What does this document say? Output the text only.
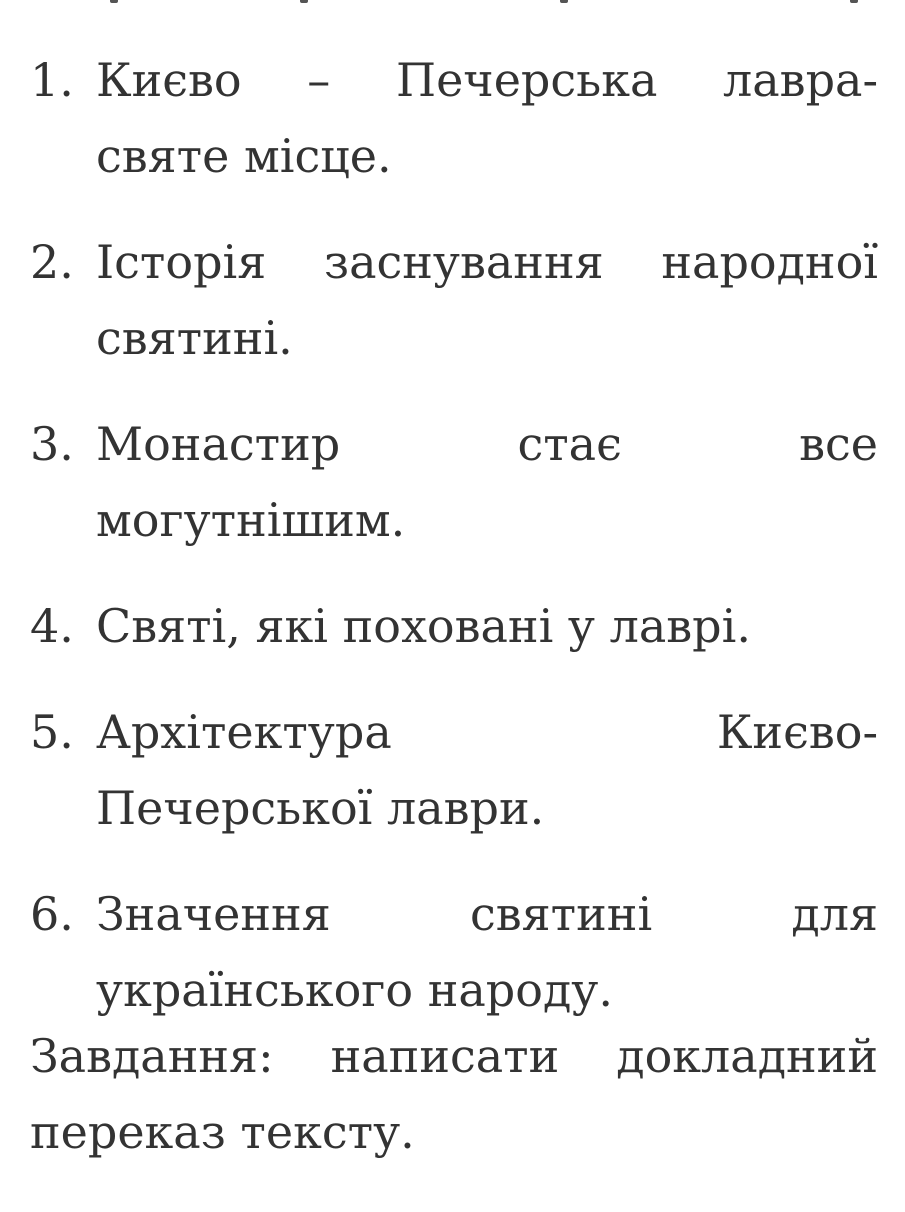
1. Києво – Печерська лавра-
святе місце.
2. Історія заснування народної
святині.
3. Монастир стає все
могутнішим.
4. Святі, які поховані у лаврі.
5. Архітектура Києво-
Печерської лаври.
6. Значення святині для
українського народу.

Завдання: написати докладний
переказ тексту.
